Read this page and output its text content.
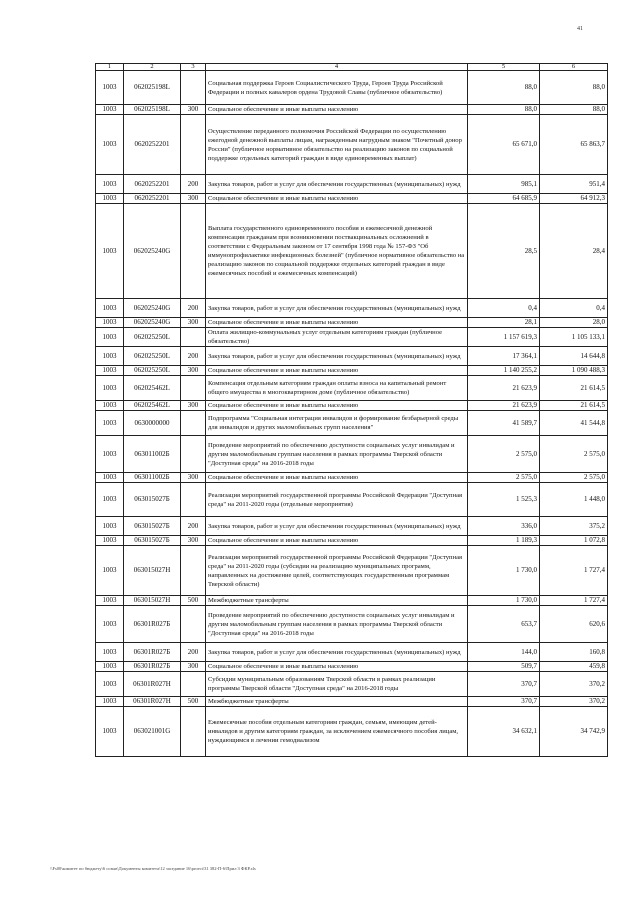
41
1	2	3	4	5	6
1003	062025198L		Социальная поддержка Героев Социалистического Труда, Героев Труда Российской Федерации и полных кавалеров ордена Трудовой Славы (публичное обязательство)	88,0	88,0
1003	062025198L	300	Социальное обеспечение и иные выплаты населению	88,0	88,0
1003	0620252201		Осуществление переданного полномочия Российской Федерации по осуществлению ежегодной денежной выплаты лицам, награжденным нагрудным знаком "Почетный донор России" (публичное нормативное обязательство на реализацию законов по социальной поддержке отдельных категорий граждан в виде единовременных выплат)	65 671,0	65 863,7
1003	0620252201	200	Закупка товаров, работ и услуг для обеспечения государственных (муниципальных) нужд	985,1	951,4
1003	0620252201	300	Социальное обеспечение и иные выплаты населению	64 685,9	64 912,3
1003	062025240G		Выплата государственного единовременного пособия и ежемесячной денежной компенсации гражданам при возникновении поствакцинальных осложнений в соответствии с Федеральным законом от 17 сентября 1998 года № 157-ФЗ "Об иммунопрофилактике инфекционных болезней" (публичное нормативное обязательство на реализацию законов по социальной поддержке отдельных категорий граждан в виде ежемесячных пособий и ежемесячных компенсаций)	28,5	28,4
1003	062025240G	200	Закупка товаров, работ и услуг для обеспечения государственных (муниципальных) нужд	0,4	0,4
1003	062025240G	300	Социальное обеспечение и иные выплаты населению	28,1	28,0
1003	062025250L		Оплата жилищно-коммунальных услуг отдельным категориям граждан (публичное обязательство)	1 157 619,3	1 105 133,1
1003	062025250L	200	Закупка товаров, работ и услуг для обеспечения государственных (муниципальных) нужд	17 364,1	14 644,8
1003	062025250L	300	Социальное обеспечение и иные выплаты населению	1 140 255,2	1 090 488,3
1003	062025462L		Компенсация отдельным категориям граждан оплаты взноса на капитальный ремонт общего имущества в многоквартирном доме (публичное обязательство)	21 623,9	21 614,5
1003	062025462L	300	Социальное обеспечение и иные выплаты населению	21 623,9	21 614,5
1003	0630000000		Подпрограмма "Социальная интеграция инвалидов и формирование безбарьерной среды для инвалидов и других маломобильных групп населения"	41 589,7	41 544,8
1003	063011002Б		Проведение мероприятий по обеспечению доступности социальных услуг инвалидам и другим маломобильным группам населения в рамках программы Тверской области "Доступная среда" на 2016-2018 годы	2 575,0	2 575,0
1003	063011002Б	300	Социальное обеспечение и иные выплаты населению	2 575,0	2 575,0
1003	063015027Б		Реализация мероприятий государственной программы Российской Федерации "Доступная среда" на 2011-2020 годы (отдельные мероприятия)	1 525,3	1 448,0
1003	063015027Б	200	Закупка товаров, работ и услуг для обеспечения государственных (муниципальных) нужд	336,0	375,2
1003	063015027Б	300	Социальное обеспечение и иные выплаты населению	1 189,3	1 072,8
1003	063015027H		Реализация мероприятий государственной программы Российской Федерации "Доступная среда" на 2011-2020 годы (субсидии на реализацию муниципальных программ, направленных на достижение целей, соответствующих государственным программам Тверской области)	1 730,0	1 727,4
1003	063015027H	500	Межбюджетные трансферты	1 730,0	1 727,4
1003	06301R027Б		Проведение мероприятий по обеспечению доступности социальных услуг инвалидам и другим маломобильным группам населения в рамках программы Тверской области "Доступная среда" на 2016-2018 годы	653,7	620,6
1003	06301R027Б	200	Закупка товаров, работ и услуг для обеспечения государственных (муниципальных) нужд	144,0	160,8
1003	06301R027Б	300	Социальное обеспечение и иные выплаты населению	509,7	459,8
1003	06301R027H		Субсидии муниципальным образованиям Тверской области в рамках реализации программы Тверской области "Доступная среда" на 2016-2018 годы	370,7	370,2
1003	06301R027H	500	Межбюджетные трансферты	370,7	370,2
1003	063021001G		Ежемесячные пособия отдельным категориям граждан, семьям, имеющим детей-инвалидов и другим категориям граждан, за исключением ежемесячного пособия лицам, нуждающимся в лечении гемодиализом	34 632,1	34 742,9
\\Fs00\комитет по бюджету\6 созыв\Документы комитета\12 заседание 16\proect\31 382-П-6\Прил 3 ФКР.xls
